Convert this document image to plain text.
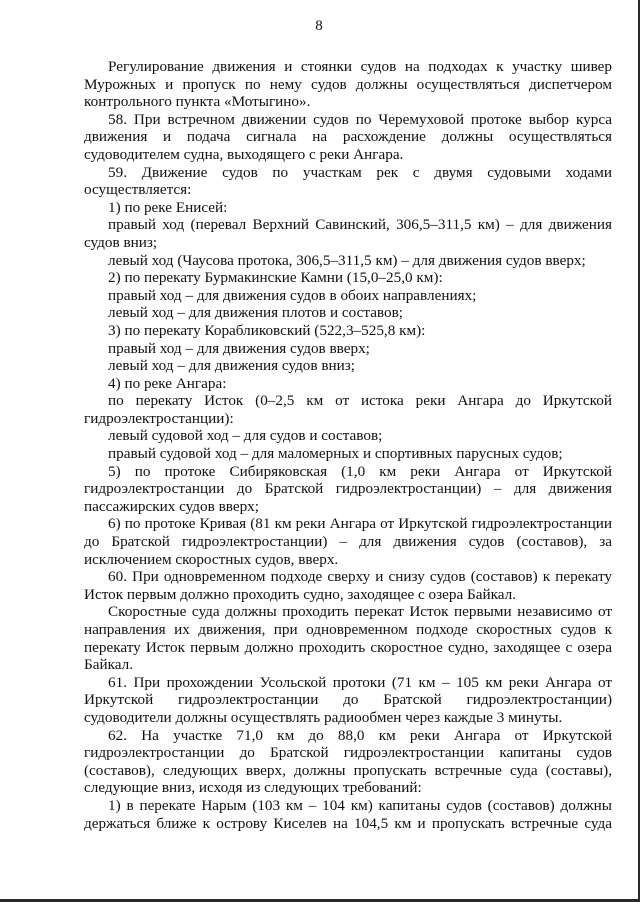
8

Регулирование движения и стоянки судов на подходах к участку шивер Мурожных и пропуск по нему судов должны осуществляться диспетчером контрольного пункта «Мотыгино».

58. При встречном движении судов по Черемуховой протоке выбор курса движения и подача сигнала на расхождение должны осуществляться судоводителем судна, выходящего с реки Ангара.

59. Движение судов по участкам рек с двумя судовыми ходами осуществляется:

1) по реке Енисей:

правый ход (перевал Верхний Савинский, 306,5–311,5 км) – для движения судов вниз;

левый ход (Чаусова протока, 306,5–311,5 км) – для движения судов вверх;

2) по перекату Бурмакинские Камни (15,0–25,0 км):

правый ход – для движения судов в обоих направлениях;

левый ход – для движения плотов и составов;

3) по перекату Корабликовский (522,3–525,8 км):

правый ход – для движения судов вверх;

левый ход – для движения судов вниз;

4) по реке Ангара:

по перекату Исток (0–2,5 км от истока реки Ангара до Иркутской гидроэлектростанции):

левый судовой ход – для судов и составов;

правый судовой ход – для маломерных и спортивных парусных судов;

5) по протоке Сибиряковская (1,0 км реки Ангара от Иркутской гидроэлектростанции до Братской гидроэлектростанции) – для движения пассажирских судов вверх;

6) по протоке Кривая (81 км реки Ангара от Иркутской гидроэлектростанции до Братской гидроэлектростанции) – для движения судов (составов), за исключением скоростных судов, вверх.

60. При одновременном подходе сверху и снизу судов (составов) к перекату Исток первым должно проходить судно, заходящее с озера Байкал.

Скоростные суда должны проходить перекат Исток первыми независимо от направления их движения, при одновременном подходе скоростных судов к перекату Исток первым должно проходить скоростное судно, заходящее с озера Байкал.

61. При прохождении Усольской протоки (71 км – 105 км реки Ангара от Иркутской гидроэлектростанции до Братской гидроэлектростанции) судоводители должны осуществлять радиообмен через каждые 3 минуты.

62. На участке 71,0 км до 88,0 км реки Ангара от Иркутской гидроэлектростанции до Братской гидроэлектростанции капитаны судов (составов), следующих вверх, должны пропускать встречные суда (составы), следующие вниз, исходя из следующих требований:

1) в перекате Нарым (103 км – 104 км) капитаны судов (составов) должны держаться ближе к острову Киселев на 104,5 км и пропускать встречные суда
